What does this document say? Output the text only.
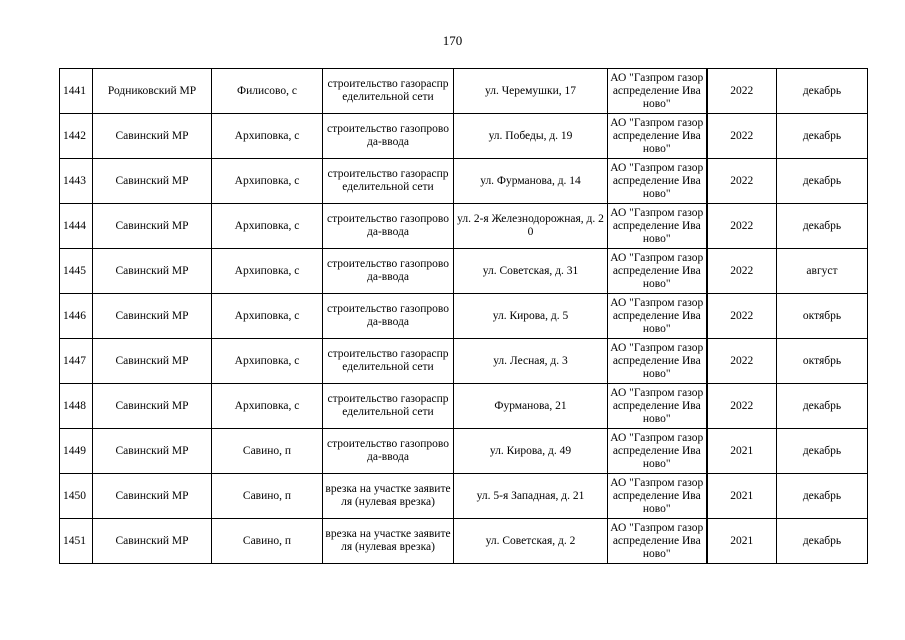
170
1441	Родниковский МР	Филисово, с	строительство газораспределительной сети	ул. Черемушки, 17	АО "Газпром газораспределение Иваново"	2022	декабрь
1442	Савинский МР	Архиповка, с	строительство газопровода-ввода	ул. Победы, д. 19	АО "Газпром газораспределение Иваново"	2022	декабрь
1443	Савинский МР	Архиповка, с	строительство газораспределительной сети	ул. Фурманова, д. 14	АО "Газпром газораспределение Иваново"	2022	декабрь
1444	Савинский МР	Архиповка, с	строительство газопровода-ввода	ул. 2-я Железнодорожная, д. 20	АО "Газпром газораспределение Иваново"	2022	декабрь
1445	Савинский МР	Архиповка, с	строительство газопровода-ввода	ул. Советская, д. 31	АО "Газпром газораспределение Иваново"	2022	август
1446	Савинский МР	Архиповка, с	строительство газопровода-ввода	ул. Кирова, д. 5	АО "Газпром газораспределение Иваново"	2022	октябрь
1447	Савинский МР	Архиповка, с	строительство газораспределительной сети	ул. Лесная, д. 3	АО "Газпром газораспределение Иваново"	2022	октябрь
1448	Савинский МР	Архиповка, с	строительство газораспределительной сети	Фурманова, 21	АО "Газпром газораспределение Иваново"	2022	декабрь
1449	Савинский МР	Савино, п	строительство газопровода-ввода	ул. Кирова, д. 49	АО "Газпром газораспределение Иваново"	2021	декабрь
1450	Савинский МР	Савино, п	врезка на участке заявителя (нулевая врезка)	ул. 5-я Западная, д. 21	АО "Газпром газораспределение Иваново"	2021	декабрь
1451	Савинский МР	Савино, п	врезка на участке заявителя (нулевая врезка)	ул. Советская, д. 2	АО "Газпром газораспределение Иваново"	2021	декабрь
